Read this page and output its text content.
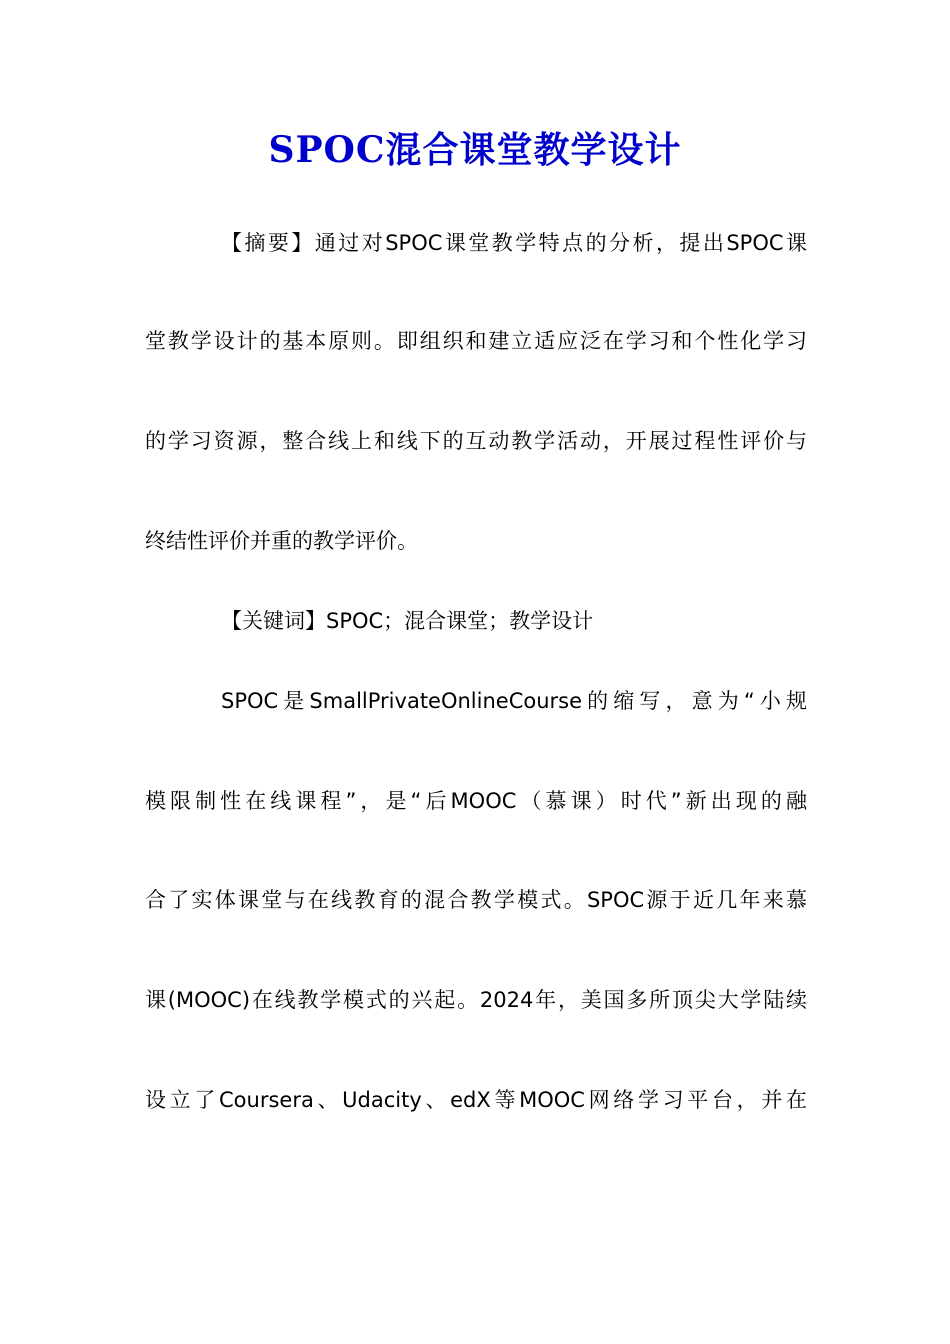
SPOC混合课堂教学设计
【摘要】通过对SPOC课堂教学特点的分析，提出SPOC课
堂教学设计的基本原则。即组织和建立适应泛在学习和个性化学习
的学习资源，整合线上和线下的互动教学活动，开展过程性评价与
终结性评价并重的教学评价。
【关键词】SPOC；混合课堂；教学设计
SPOC是SmallPrivateOnlineCourse的缩写，意为“小规
模限制性在线课程”，是“后MOOC（慕课）时代”新出现的融
合了实体课堂与在线教育的混合教学模式。SPOC源于近几年来慕
课(MOOC)在线教学模式的兴起。2024年，美国多所顶尖大学陆续
设立了Coursera、Udacity、edX等MOOC网络学习平台，并在
